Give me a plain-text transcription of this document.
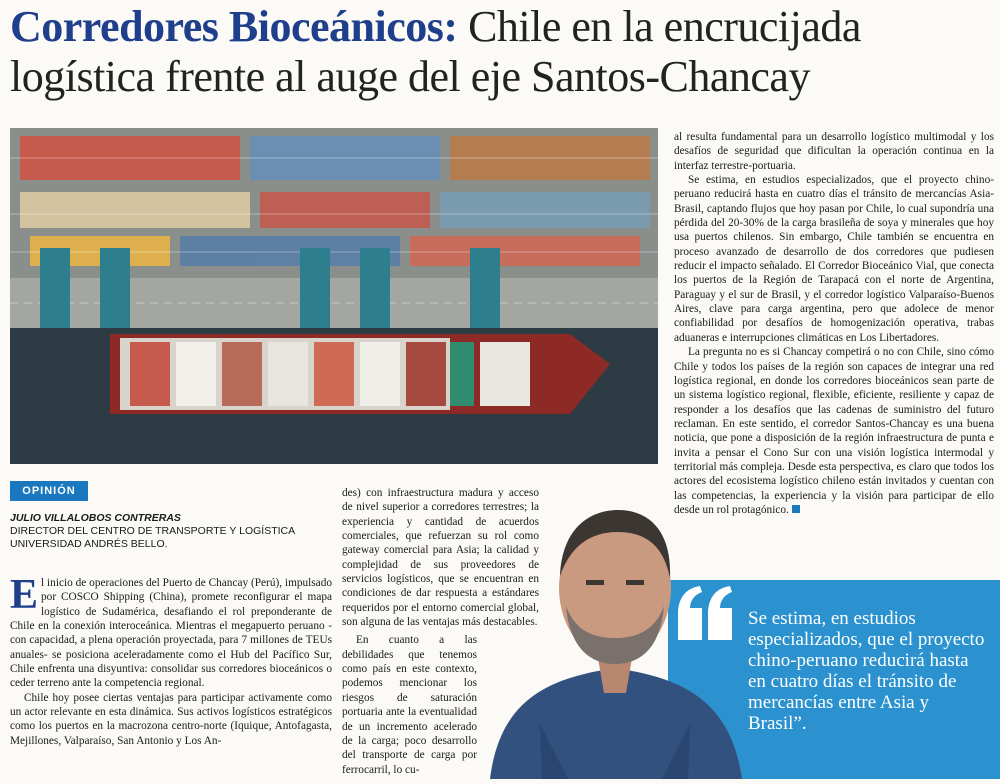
Corredores Bioceánicos: Chile en la encrucijada logística frente al auge del eje Santos-Chancay
OPINIÓN
JULIO VILLALOBOS CONTRERAS
DIRECTOR DEL CENTRO DE TRANSPORTE Y LOGÍSTICA
UNIVERSIDAD ANDRÉS BELLO.

El inicio de operaciones del Puerto de Chancay (Perú), impulsado por COSCO Shipping (China), promete reconfigurar el mapa logístico de Sudamérica, desafiando el rol preponderante de Chile en la conexión interoceánica. Mientras el megapuerto peruano -con capacidad, a plena operación proyectada, para 7 millones de TEUs anuales- se posiciona aceleradamente como el Hub del Pacífico Sur, Chile enfrenta una disyuntiva: consolidar sus corredores bioceánicos o ceder terreno ante la competencia regional.

Chile hoy posee ciertas ventajas para participar activamente como un actor relevante en esta dinámica. Sus activos logísticos estratégicos como los puertos en la macrozona centro-norte (Iquique, Antofagasta, Mejillones, Valparaíso, San Antonio y Los An-

des) con infraestructura madura y acceso de nivel superior a corredores terrestres; la experiencia y cantidad de acuerdos comerciales, que refuerzan su rol como gateway comercial para Asia; la calidad y complejidad de sus proveedores de servicios logísticos, que se encuentran en condiciones de dar respuesta a estándares requeridos por el entorno comercial global, son alguna de las ventajas más destacables.

En cuanto a las debilidades que tenemos como país en este contexto, podemos mencionar los riesgos de saturación portuaria ante la eventualidad de un incremento acelerado de la carga; poco desarrollo del transporte de carga por ferrocarril, lo cu-

al resulta fundamental para un desarrollo logístico multimodal y los desafíos de seguridad que dificultan la operación continua en la interfaz terrestre-portuaria.

Se estima, en estudios especializados, que el proyecto chino-peruano reducirá hasta en cuatro días el tránsito de mercancías Asia-Brasil, captando flujos que hoy pasan por Chile, lo cual supondría una pérdida del 20-30% de la carga brasileña de soya y minerales que hoy usa puertos chilenos. Sin embargo, Chile también se encuentra en proceso avanzado de desarrollo de dos corredores que pudiesen reducir el impacto señalado. El Corredor Bioceánico Vial, que conecta los puertos de la Región de Tarapacá con el norte de Argentina, Paraguay y el sur de Brasil, y el corredor logístico Valparaíso-Buenos Aires, clave para carga argentina, pero que adolece de menor confiabilidad por desafíos de homogenización operativa, trabas aduaneras e interrupciones climáticas en Los Libertadores.

La pregunta no es si Chancay competirá o no con Chile, sino cómo Chile y todos los países de la región son capaces de integrar una red logística regional, en donde los corredores bioceánicos sean parte de un sistema logístico regional, flexible, eficiente, resiliente y capaz de responder a los desafíos que las cadenas de suministro del futuro reclaman. En este sentido, el corredor Santos-Chancay es una buena noticia, que pone a disposición de la región infraestructura de punta e invita a pensar el Cono Sur con una visión logística intermodal y territorial más compleja. Desde esta perspectiva, es claro que todos los actores del ecosistema logístico chileno están invitados y cuentan con las competencias, la experiencia y la visión para participar de ello desde un rol protagónico.

Se estima, en estudios especializados, que el proyecto chino-peruano reducirá hasta en cuatro días el tránsito de mercancías entre Asia y Brasil”.
